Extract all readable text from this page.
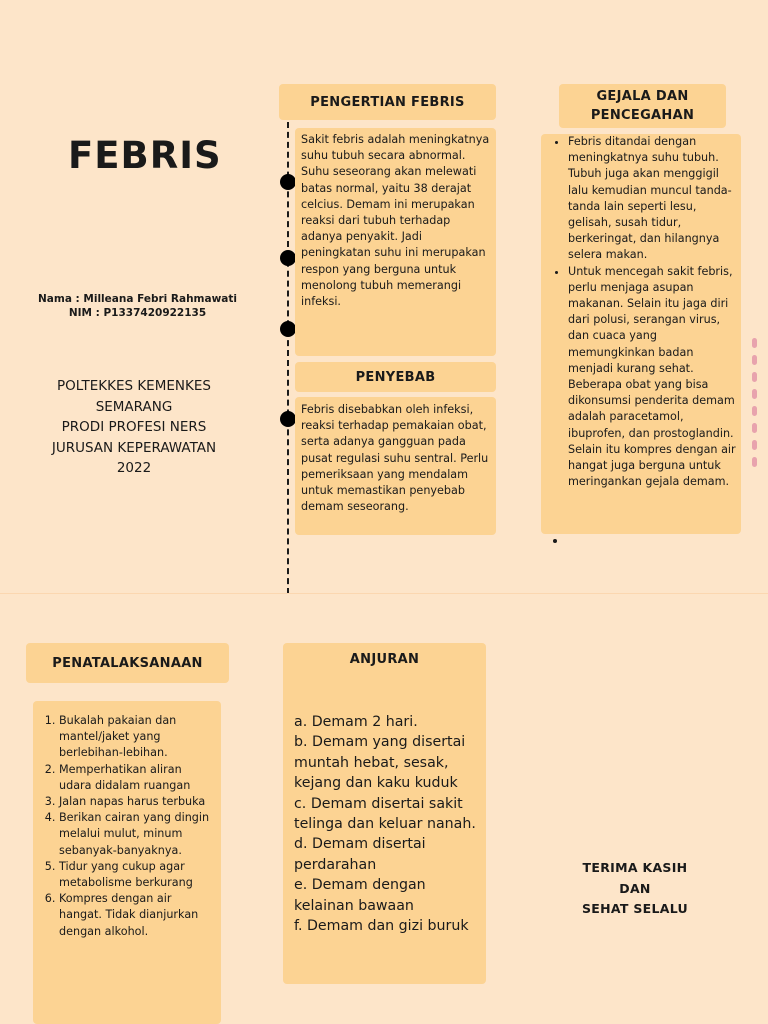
FEBRIS
Nama : Milleana Febri Rahmawati
NIM : P1337420922135
POLTEKKES KEMENKES
SEMARANG
PRODI PROFESI NERS
JURUSAN KEPERAWATAN
2022
PENGERTIAN FEBRIS
Sakit febris adalah meningkatnya suhu tubuh secara abnormal. Suhu seseorang akan melewati batas normal, yaitu 38 derajat celcius. Demam ini merupakan reaksi dari tubuh terhadap adanya penyakit. Jadi peningkatan suhu ini merupakan respon yang berguna untuk menolong tubuh memerangi infeksi.
PENYEBAB
Febris disebabkan oleh infeksi, reaksi terhadap pemakaian obat, serta adanya gangguan pada pusat regulasi suhu sentral. Perlu pemeriksaan yang mendalam untuk memastikan penyebab demam seseorang.
GEJALA DAN
PENCEGAHAN
• Febris ditandai dengan meningkatnya suhu tubuh. Tubuh juga akan menggigil lalu kemudian muncul tanda-tanda lain seperti lesu, gelisah, susah tidur, berkeringat, dan hilangnya selera makan.
• Untuk mencegah sakit febris, perlu menjaga asupan makanan. Selain itu jaga diri dari polusi, serangan virus, dan cuaca yang memungkinkan badan menjadi kurang sehat. Beberapa obat yang bisa dikonsumsi penderita demam adalah paracetamol, ibuprofen, dan prostoglandin. Selain itu kompres dengan air hangat juga berguna untuk meringankan gejala demam.
PENATALAKSANAAN
1. Bukalah pakaian dan mantel/jaket yang berlebihan-lebihan.
2. Memperhatikan aliran udara didalam ruangan
3. Jalan napas harus terbuka
4. Berikan cairan yang dingin melalui mulut, minum sebanyak-banyaknya.
5. Tidur yang cukup agar metabolisme berkurang
6. Kompres dengan air hangat. Tidak dianjurkan dengan alkohol.
ANJURAN
a. Demam 2 hari.
b. Demam yang disertai muntah hebat, sesak, kejang dan kaku kuduk
c. Demam disertai sakit telinga dan keluar nanah.
d. Demam disertai perdarahan
e. Demam dengan kelainan bawaan
f. Demam dan gizi buruk
TERIMA KASIH
DAN
SEHAT SELALU
